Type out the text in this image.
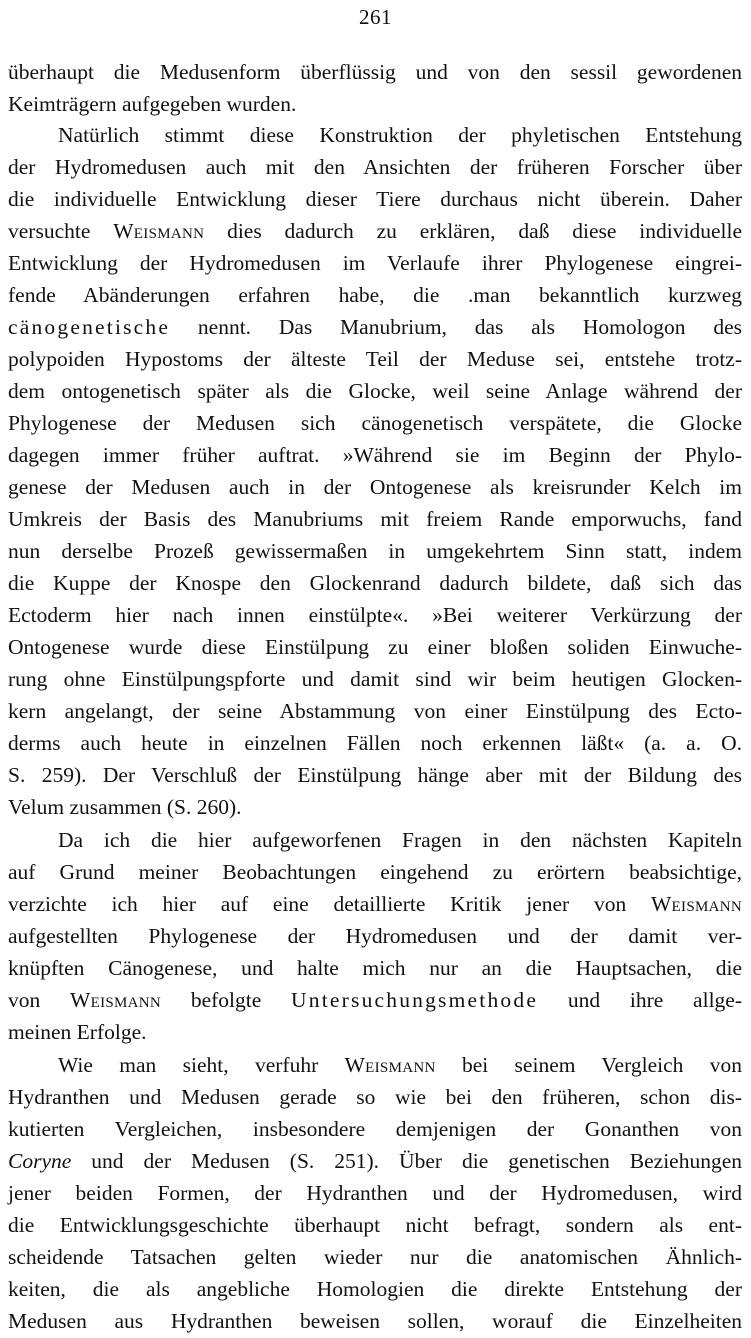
261
überhaupt die Medusenform überflüssig und von den sessil gewordenen
Keimträgern aufgegeben wurden.
Natürlich stimmt diese Konstruktion der phyletischen Entstehung
der Hydromedusen auch mit den Ansichten der früheren Forscher über
die individuelle Entwicklung dieser Tiere durchaus nicht überein. Daher
versuchte Weismann dies dadurch zu erklären, daß diese individuelle
Entwicklung der Hydromedusen im Verlaufe ihrer Phylogenese eingrei-
fende Abänderungen erfahren habe, die .man bekanntlich kurzweg
cänogenetische nennt. Das Manubrium, das als Homologon des
polypoiden Hypostoms der älteste Teil der Meduse sei, entstehe trotz-
dem ontogenetisch später als die Glocke, weil seine Anlage während der
Phylogenese der Medusen sich cänogenetisch verspätete, die Glocke
dagegen immer früher auftrat. »Während sie im Beginn der Phylo-
genese der Medusen auch in der Ontogenese als kreisrunder Kelch im
Umkreis der Basis des Manubriums mit freiem Rande emporwuchs, fand
nun derselbe Prozeß gewissermaßen in umgekehrtem Sinn statt, indem
die Kuppe der Knospe den Glockenrand dadurch bildete, daß sich das
Ectoderm hier nach innen einstülpte«. »Bei weiterer Verkürzung der
Ontogenese wurde diese Einstülpung zu einer bloßen soliden Einwuche-
rung ohne Einstülpungspforte und damit sind wir beim heutigen Glocken-
kern angelangt, der seine Abstammung von einer Einstülpung des Ecto-
derms auch heute in einzelnen Fällen noch erkennen läßt« (a. a. O.
S. 259). Der Verschluß der Einstülpung hänge aber mit der Bildung des
Velum zusammen (S. 260).
Da ich die hier aufgeworfenen Fragen in den nächsten Kapiteln
auf Grund meiner Beobachtungen eingehend zu erörtern beabsichtige,
verzichte ich hier auf eine detaillierte Kritik jener von Weismann
aufgestellten Phylogenese der Hydromedusen und der damit ver-
knüpften Cänogenese, und halte mich nur an die Hauptsachen, die
von Weismann befolgte Untersuchungsmethode und ihre allge-
meinen Erfolge.
Wie man sieht, verfuhr Weismann bei seinem Vergleich von
Hydranthen und Medusen gerade so wie bei den früheren, schon dis-
kutierten Vergleichen, insbesondere demjenigen der Gonanthen von
Coryne und der Medusen (S. 251). Über die genetischen Beziehungen
jener beiden Formen, der Hydranthen und der Hydromedusen, wird
die Entwicklungsgeschichte überhaupt nicht befragt, sondern als ent-
scheidende Tatsachen gelten wieder nur die anatomischen Ähnlich-
keiten, die als angebliche Homologien die direkte Entstehung der
Medusen aus Hydranthen beweisen sollen, worauf die Einzelheiten
